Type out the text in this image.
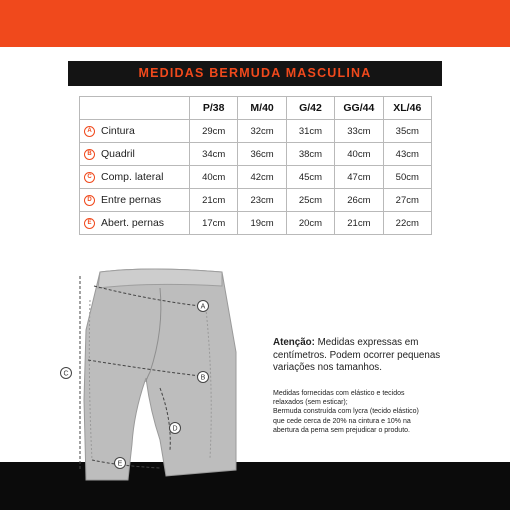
MEDIDAS BERMUDA MASCULINA
	P/38	M/40	G/42	GG/44	XL/46
A Cintura	29cm	32cm	31cm	33cm	35cm
B Quadril	34cm	36cm	38cm	40cm	43cm
C Comp. lateral	40cm	42cm	45cm	47cm	50cm
D Entre pernas	21cm	23cm	25cm	26cm	27cm
E Abert. pernas	17cm	19cm	20cm	21cm	22cm
A
B
C
D
E
Atenção: Medidas expressas em centímetros. Podem ocorrer pequenas variações nos tamanhos.
Medidas fornecidas com elástico e tecidos
relaxados (sem esticar);
Bermuda construída com lycra (tecido elástico)
que cede cerca de 20% na cintura e 10% na
abertura da perna sem prejudicar o produto.
